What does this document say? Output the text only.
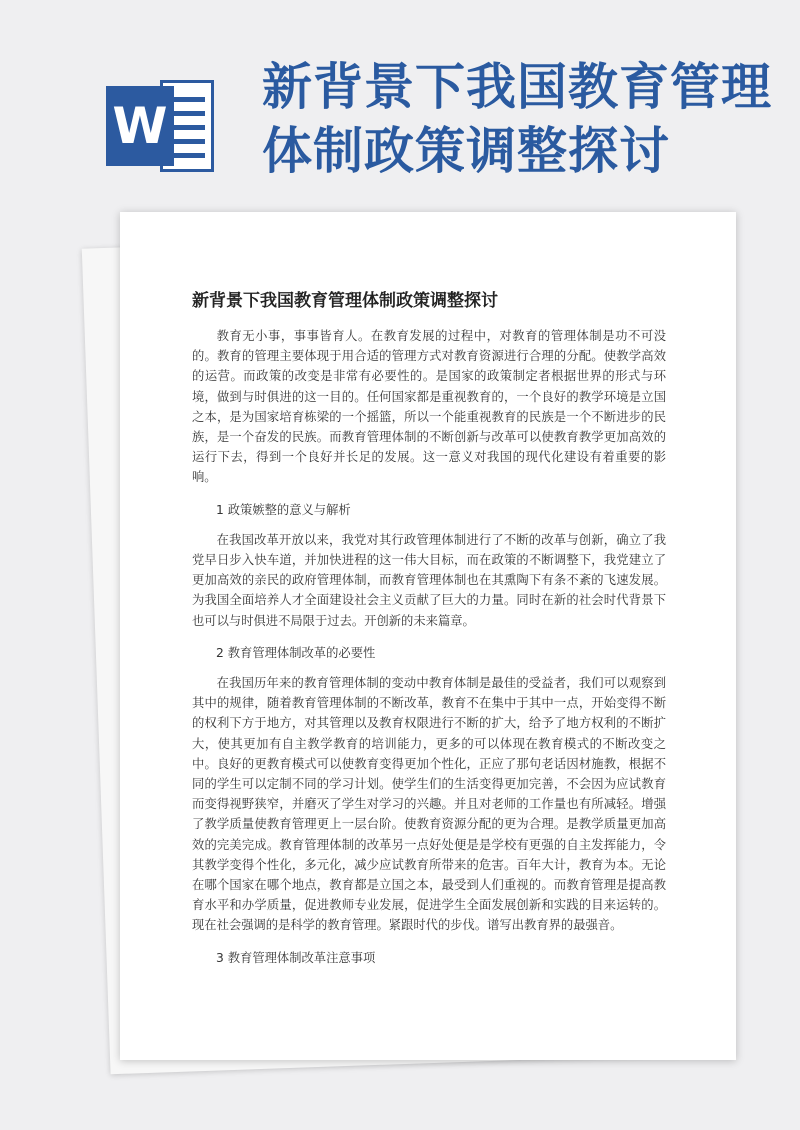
W
新背景下我国教育管理体制政策调整探讨
新背景下我国教育管理体制政策调整探讨

教育无小事，事事皆育人。在教育发展的过程中，对教育的管理体制是功不可没的。教育的管理主要体现于用合适的管理方式对教育资源进行合理的分配。使教学高效的运营。而政策的改变是非常有必要性的。是国家的政策制定者根据世界的形式与环境，做到与时俱进的这一目的。任何国家都是重视教育的，一个良好的教学环境是立国之本，是为国家培育栋梁的一个摇篮，所以一个能重视教育的民族是一个不断进步的民族，是一个奋发的民族。而教育管理体制的不断创新与改革可以使教育教学更加高效的运行下去，得到一个良好并长足的发展。这一意义对我国的现代化建设有着重要的影响。

1 政策嫉整的意义与解析

在我国改革开放以来，我党对其行政管理体制进行了不断的改革与创新，确立了我党早日步入快车道，并加快进程的这一伟大目标，而在政策的不断调整下，我党建立了更加高效的亲民的政府管理体制，而教育管理体制也在其熏陶下有条不紊的飞速发展。为我国全面培养人才全面建设社会主义贡献了巨大的力量。同时在新的社会时代背景下也可以与时俱进不局限于过去。开创新的未来篇章。

2 教育管理体制改革的必要性

在我国历年来的教育管理体制的变动中教育体制是最佳的受益者，我们可以观察到其中的规律，随着教育管理体制的不断改革，教育不在集中于其中一点，开始变得不断的权利下方于地方，对其管理以及教育权限进行不断的扩大，给予了地方权利的不断扩大，使其更加有自主教学教育的培训能力，更多的可以体现在教育模式的不断改变之中。良好的更教育模式可以使教育变得更加个性化，正应了那句老话因材施教，根据不同的学生可以定制不同的学习计划。使学生们的生活变得更加完善，不会因为应试教育而变得视野狭窄，并磨灭了学生对学习的兴趣。并且对老师的工作量也有所减轻。增强了教学质量使教育管理更上一层台阶。使教育资源分配的更为合理。是教学质量更加高效的完美完成。教育管理体制的改革另一点好处便是是学校有更强的自主发挥能力，令其教学变得个性化，多元化，减少应试教育所带来的危害。百年大计，教育为本。无论在哪个国家在哪个地点，教育都是立国之本，最受到人们重视的。而教育管理是提高教育水平和办学质量，促进教师专业发展，促进学生全面发展创新和实践的目来运转的。现在社会强调的是科学的教育管理。紧跟时代的步伐。谱写出教育界的最强音。

3 教育管理体制改革注意事项
